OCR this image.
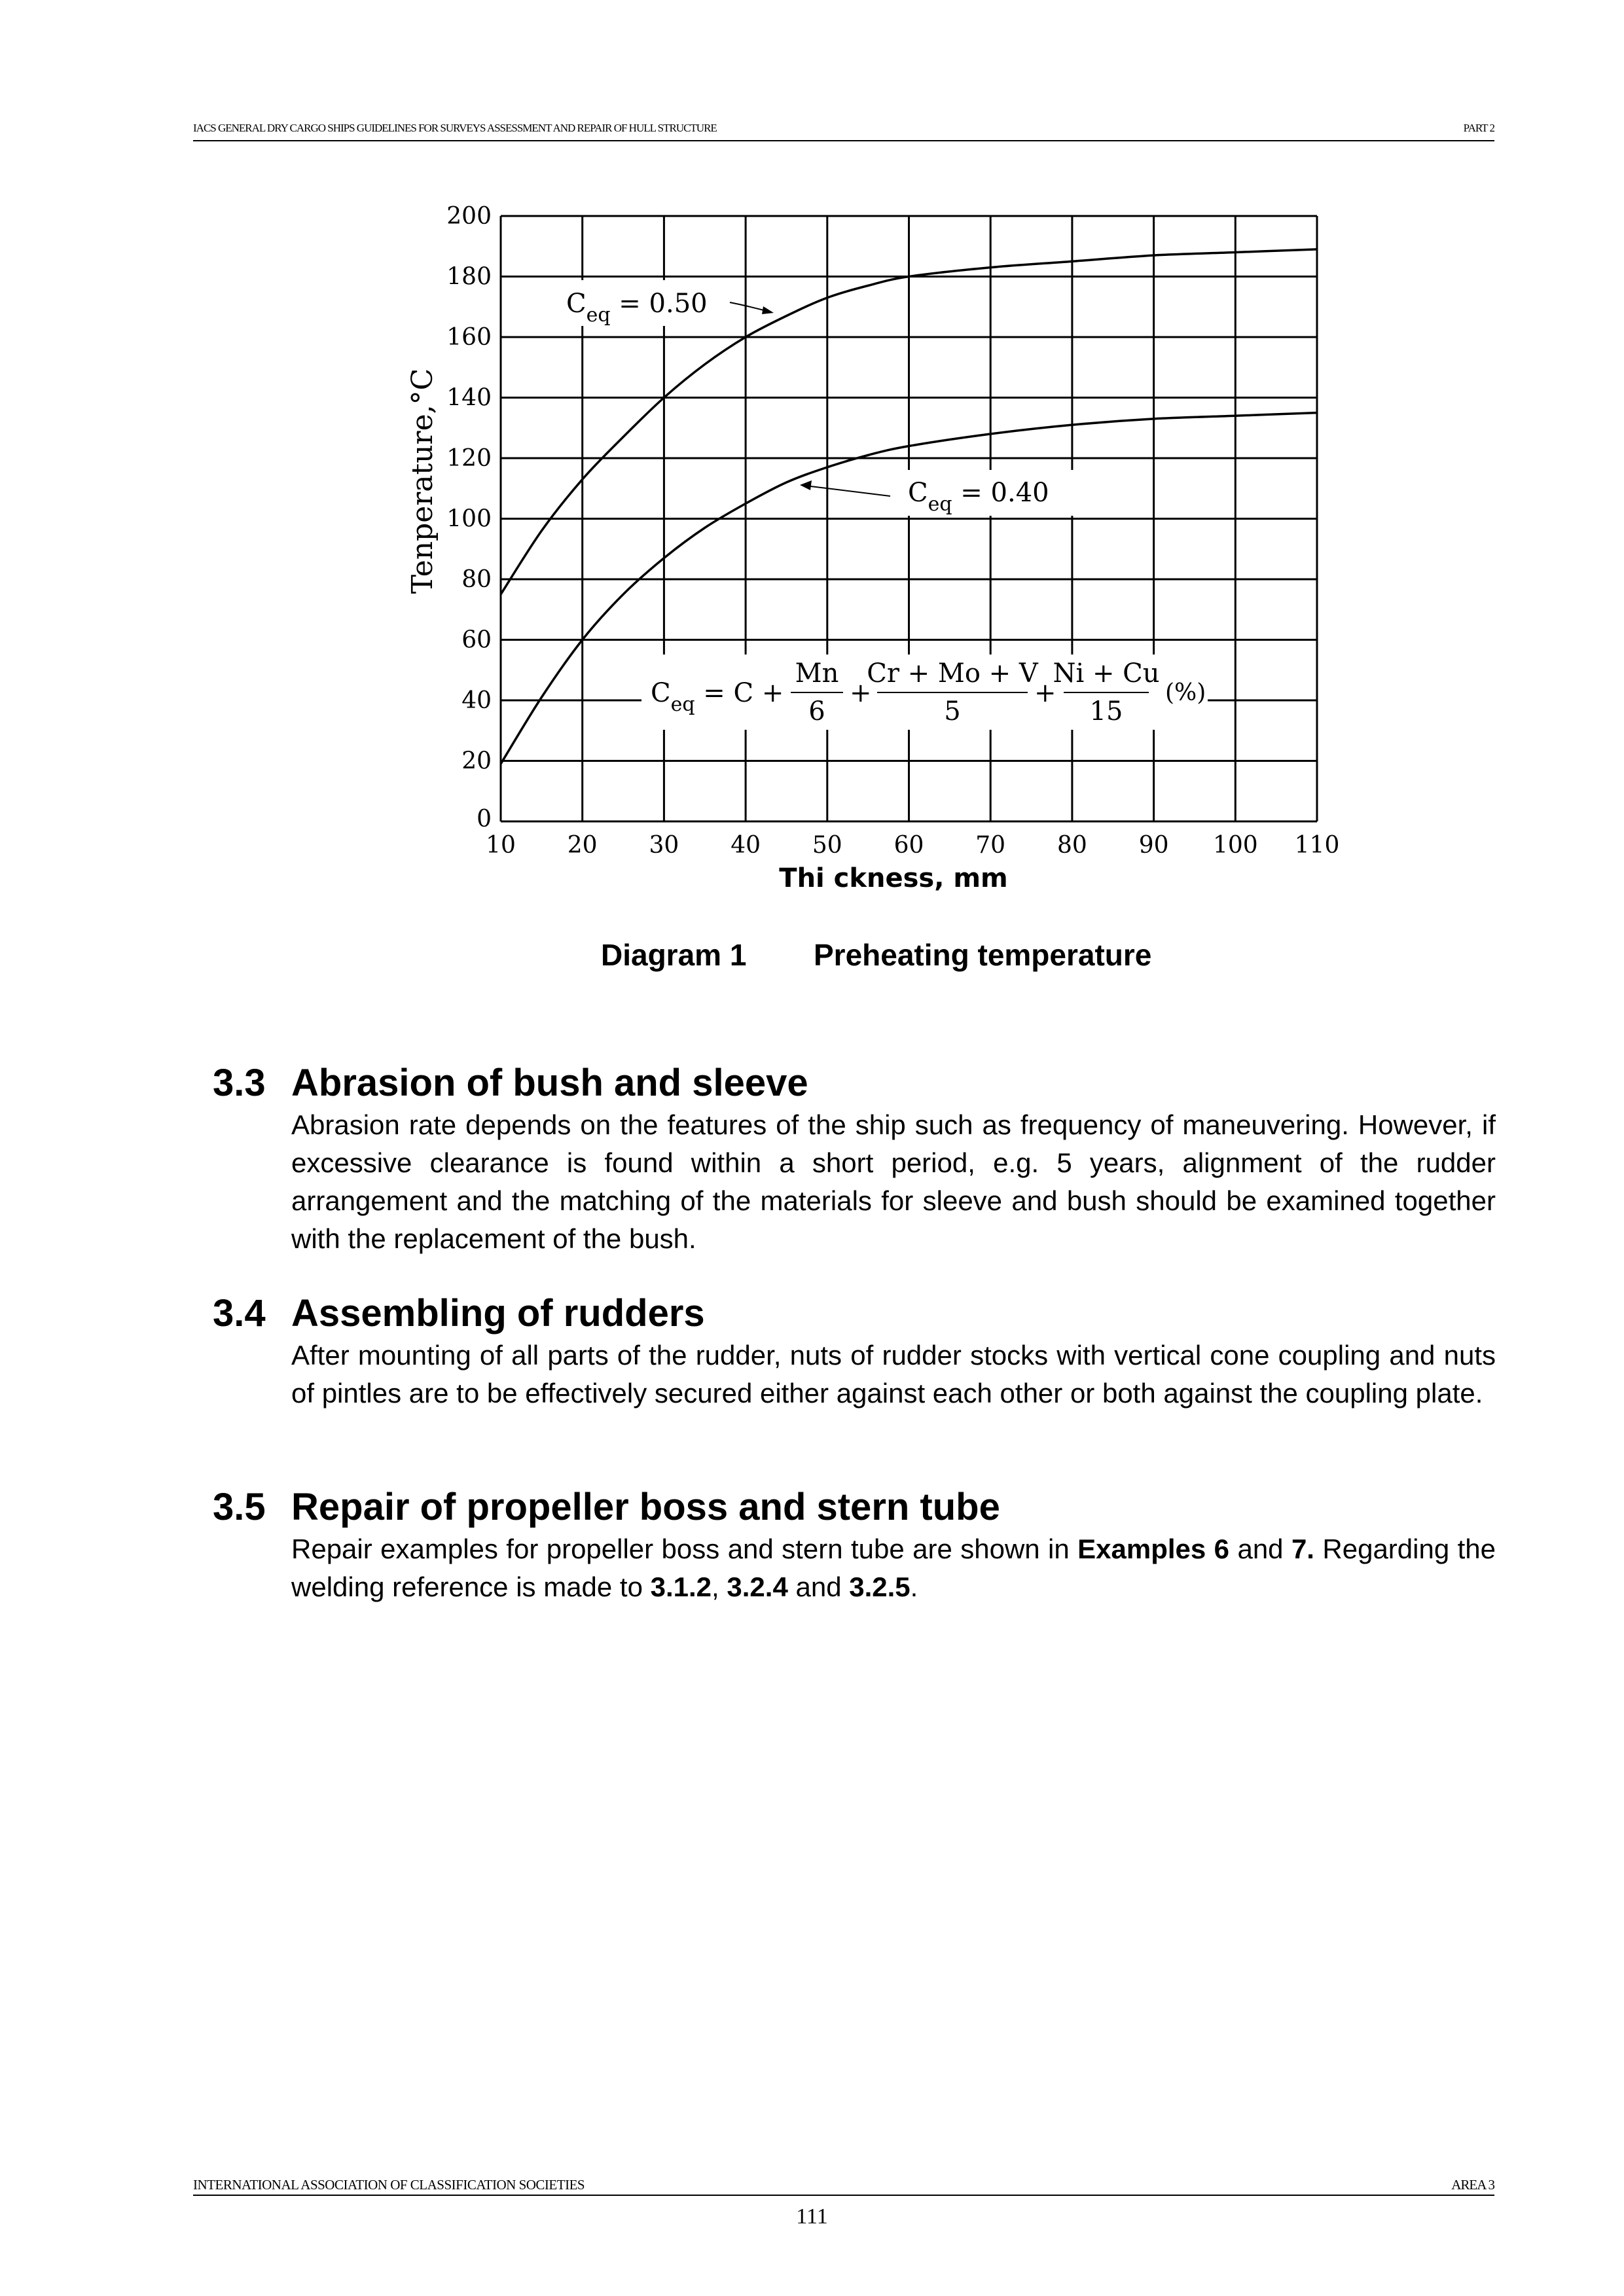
IACS GENERAL DRY CARGO SHIPS GUIDELINES FOR SURVEYS ASSESSMENT AND REPAIR OF HULL STRUCTURE	PART 2
10 20 30 40 50 60 70 80 90 100 110
0
20
40
60
80
100
120
140
160
180
200
$C_{eq} = 0.50$
$C_{eq} = 0.40$
$C_{eq} = C$ +
Mn
6
+
Cr + Mo + V
5
+
Ni + Cu
15
(%)
Thi ckness, mm
Tenperature,°C
Diagram 1 Preheating temperature
3.3 Abrasion of bush and sleeve
Abrasion rate depends on the features of the ship such as frequency of maneuvering. However, if excessive clearance is found within a short period, e.g. 5 years, alignment of the rudder arrangement and the matching of the materials for sleeve and bush should be examined together with the replacement of the bush.
3.4 Assembling of rudders
After mounting of all parts of the rudder, nuts of rudder stocks with vertical cone coupling and nuts of pintles are to be effectively secured either against each other or both against the coupling plate.
3.5 Repair of propeller boss and stern tube
Repair examples for propeller boss and stern tube are shown in Examples 6 and 7. Regarding the welding reference is made to 3.1.2, 3.2.4 and 3.2.5.
INTERNATIONAL ASSOCIATION OF CLASSIFICATION SOCIETIES	AREA 3
111
